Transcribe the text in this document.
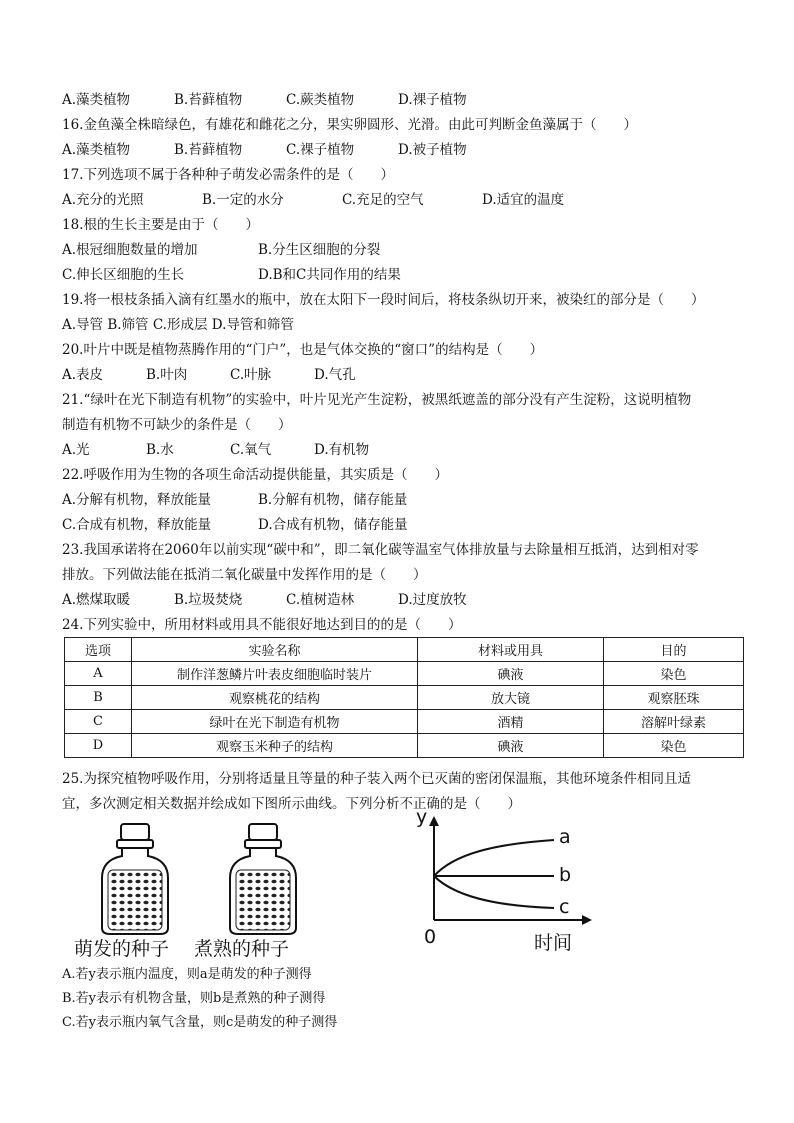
A.藻类植物	B.苔藓植物	C.蕨类植物	D.裸子植物
16.金鱼藻全株暗绿色，有雄花和雌花之分，果实卵圆形、光滑。由此可判断金鱼藻属于（　　）
A.藻类植物	B.苔藓植物	C.裸子植物	D.被子植物
17.下列选项不属于各种种子萌发必需条件的是（　　）
A.充分的光照	B.一定的水分	C.充足的空气	D.适宜的温度
18.根的生长主要是由于（　　）
A.根冠细胞数量的增加	B.分生区细胞的分裂
C.伸长区细胞的生长	D.B和C共同作用的结果
19.将一根枝条插入滴有红墨水的瓶中，放在太阳下一段时间后，将枝条纵切开来，被染红的部分是（　　）
A.导管 B.筛管 C.形成层 D.导管和筛管
20.叶片中既是植物蒸腾作用的“门户”，也是气体交换的“窗口”的结构是（　　）
A.表皮	B.叶肉	C.叶脉	D.气孔
21.“绿叶在光下制造有机物”的实验中，叶片见光产生淀粉，被黑纸遮盖的部分没有产生淀粉，这说明植物
制造有机物不可缺少的条件是（　　）
A.光	B.水	C.氧气	D.有机物
22.呼吸作用为生物的各项生命活动提供能量，其实质是（　　）
A.分解有机物，释放能量	B.分解有机物，储存能量
C.合成有机物，释放能量	D.合成有机物，储存能量
23.我国承诺将在2060年以前实现“碳中和”，即二氧化碳等温室气体排放量与去除量相互抵消，达到相对零
排放。下列做法能在抵消二氧化碳量中发挥作用的是（　　）
A.燃煤取暖	B.垃圾焚烧	C.植树造林	D.过度放牧
24.下列实验中，所用材料或用具不能很好地达到目的的是（　　）
选项	实验名称	材料或用具	目的
A	制作洋葱鳞片叶表皮细胞临时装片	碘液	染色
B	观察桃花的结构	放大镜	观察胚珠
C	绿叶在光下制造有机物	酒精	溶解叶绿素
D	观察玉米种子的结构	碘液	染色
25.为探究植物呼吸作用，分别将适量且等量的种子装入两个已灭菌的密闭保温瓶，其他环境条件相同且适
宜，多次测定相关数据并绘成如下图所示曲线。下列分析不正确的是（　　）
萌发的种子 煮熟的种子
y
a
b
c
0	时间
A.若y表示瓶内温度，则a是萌发的种子测得
B.若y表示有机物含量，则b是煮熟的种子测得
C.若y表示瓶内氧气含量，则c是萌发的种子测得
